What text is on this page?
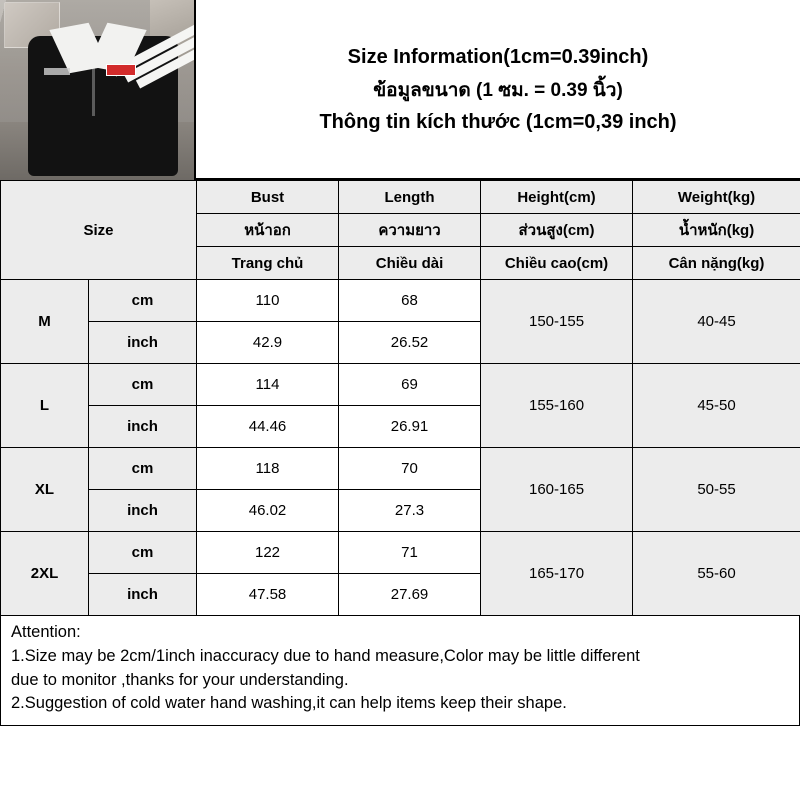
Size Information(1cm=0.39inch)
ข้อมูลขนาด (1 ซม. = 0.39 นิ้ว)
Thông tin kích thước (1cm=0,39 inch)
Size		Bust	Length	Height(cm)	Weight(kg)
		หน้าอก	ความยาว	ส่วนสูง(cm)	น้ำหนัก(kg)
		Trang chủ	Chiều dài	Chiều cao(cm)	Cân nặng(kg)
M	cm	110	68	150-155	40-45
	inch	42.9	26.52		
L	cm	114	69	155-160	45-50
	inch	44.46	26.91		
XL	cm	118	70	160-165	50-55
	inch	46.02	27.3		
2XL	cm	122	71	165-170	55-60
	inch	47.58	27.69		

Attention:

1.Size may be 2cm/1inch inaccuracy due to hand measure,Color may be little different

due to monitor ,thanks for your understanding.

2.Suggestion of cold water hand washing,it can help items keep their shape.
